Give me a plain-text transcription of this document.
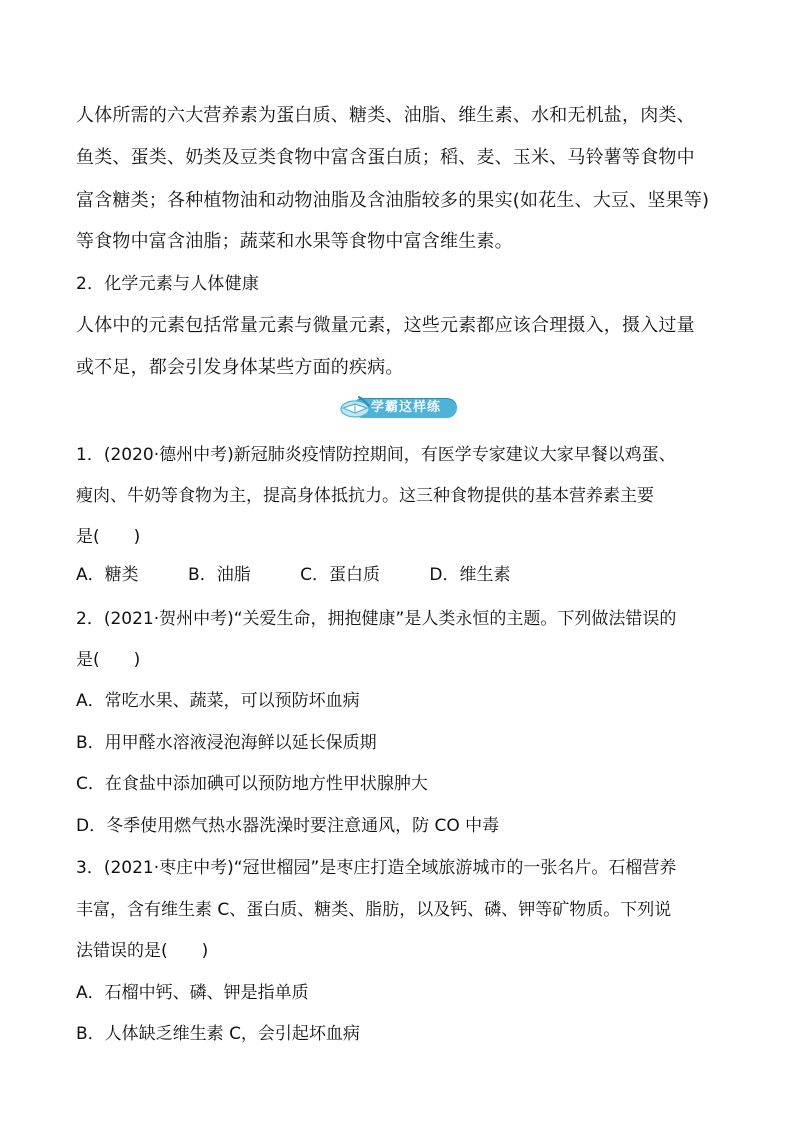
人体所需的六大营养素为蛋白质、糖类、油脂、维生素、水和无机盐，肉类、
鱼类、蛋类、奶类及豆类食物中富含蛋白质；稻、麦、玉米、马铃薯等食物中
富含糖类；各种植物油和动物油脂及含油脂较多的果实(如花生、大豆、坚果等)
等食物中富含油脂；蔬菜和水果等食物中富含维生素。
2．化学元素与人体健康
人体中的元素包括常量元素与微量元素，这些元素都应该合理摄入，摄入过量
或不足，都会引发身体某些方面的疾病。
学霸这样练
1．(2020·德州中考)新冠肺炎疫情防控期间，有医学专家建议大家早餐以鸡蛋、
瘦肉、牛奶等食物为主，提高身体抵抗力。这三种食物提供的基本营养素主要
是(　　)
A．糖类	B．油脂	C．蛋白质	D．维生素
2．(2021·贺州中考)“关爱生命，拥抱健康”是人类永恒的主题。下列做法错误的
是(　　)
A．常吃水果、蔬菜，可以预防坏血病
B．用甲醛水溶液浸泡海鲜以延长保质期
C．在食盐中添加碘可以预防地方性甲状腺肿大
D．冬季使用燃气热水器洗澡时要注意通风，防 CO 中毒
3．(2021·枣庄中考)“冠世榴园”是枣庄打造全域旅游城市的一张名片。石榴营养
丰富，含有维生素 C、蛋白质、糖类、脂肪，以及钙、磷、钾等矿物质。下列说
法错误的是(　　)
A．石榴中钙、磷、钾是指单质
B．人体缺乏维生素 C，会引起坏血病
